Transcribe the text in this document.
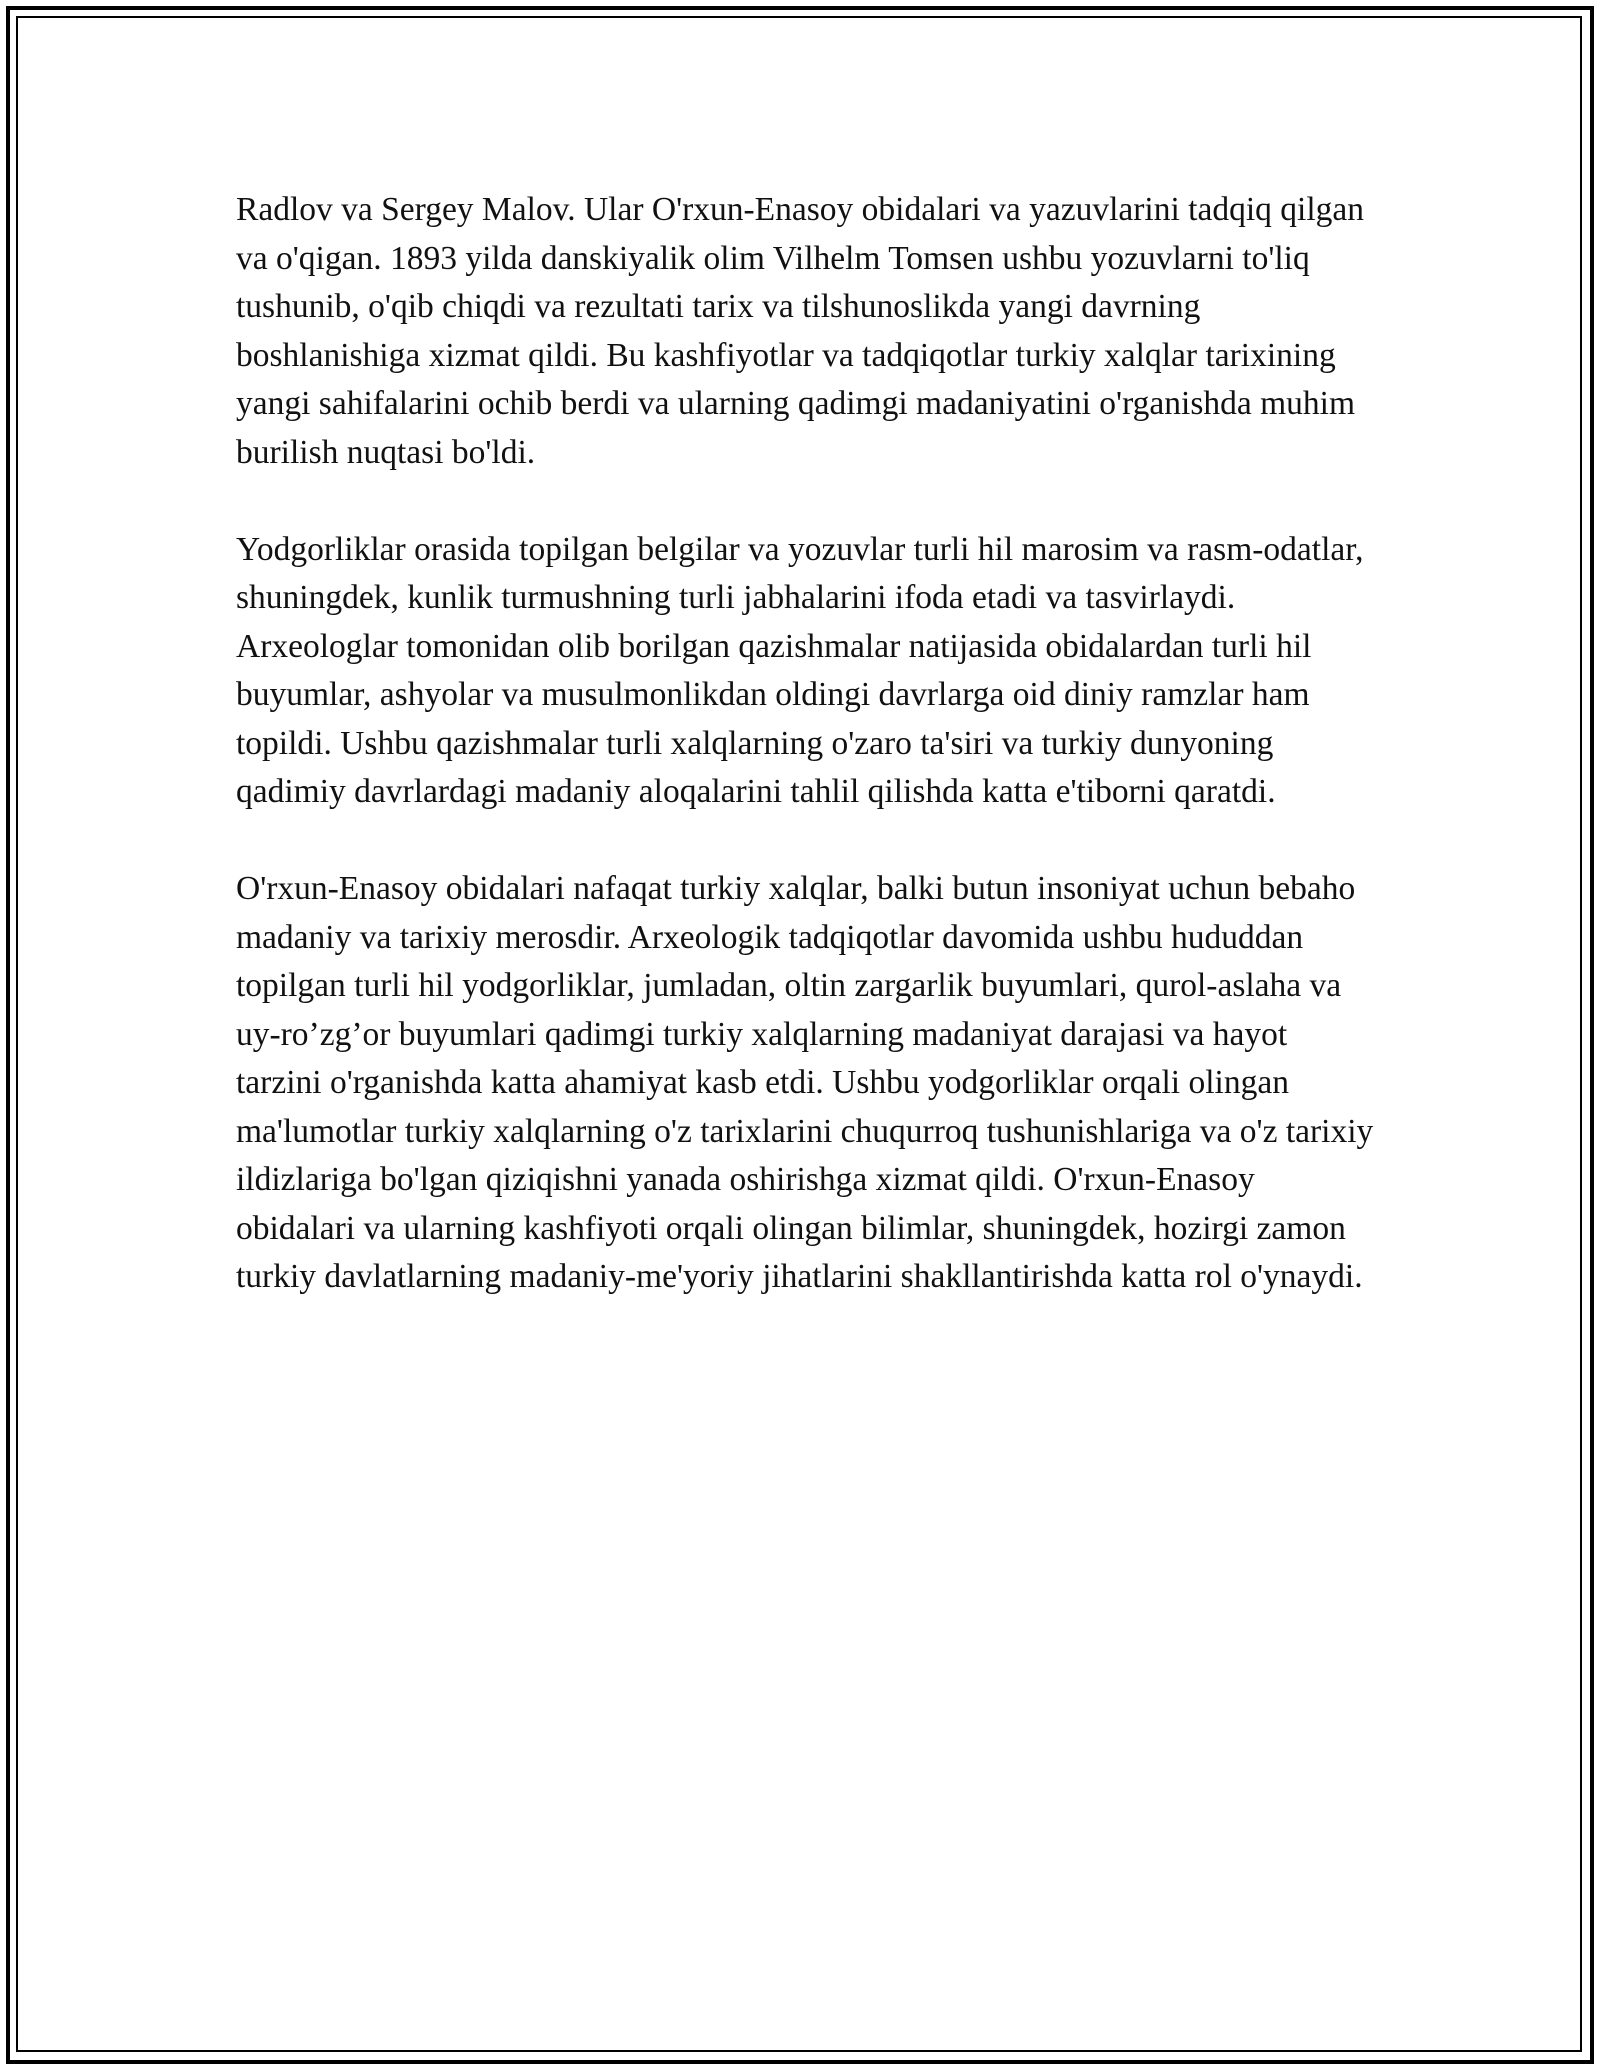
Radlov va Sergey Malov. Ular O'rxun-Enasoy obidalari va yazuvlarini tadqiq qilgan va o'qigan. 1893 yilda danskiyalik olim Vilhelm Tomsen ushbu yozuvlarni to'liq tushunib, o'qib chiqdi va rezultati tarix va tilshunoslikda yangi davrning boshlanishiga xizmat qildi. Bu kashfiyotlar va tadqiqotlar turkiy xalqlar tarixining yangi sahifalarini ochib berdi va ularning qadimgi madaniyatini o'rganishda muhim burilish nuqtasi bo'ldi.

Yodgorliklar orasida topilgan belgilar va yozuvlar turli hil marosim va rasm-odatlar, shuningdek, kunlik turmushning turli jabhalarini ifoda etadi va tasvirlaydi. Arxeologlar tomonidan olib borilgan qazishmalar natijasida obidalardan turli hil buyumlar, ashyolar va musulmonlikdan oldingi davrlarga oid diniy ramzlar ham topildi. Ushbu qazishmalar turli xalqlarning o'zaro ta'siri va turkiy dunyoning qadimiy davrlardagi madaniy aloqalarini tahlil qilishda katta e'tiborni qaratdi.

O'rxun-Enasoy obidalari nafaqat turkiy xalqlar, balki butun insoniyat uchun bebaho madaniy va tarixiy merosdir. Arxeologik tadqiqotlar davomida ushbu hududdan topilgan turli hil yodgorliklar, jumladan, oltin zargarlik buyumlari, qurol-aslaha va uy-ro’zg’or buyumlari qadimgi turkiy xalqlarning madaniyat darajasi va hayot tarzini o'rganishda katta ahamiyat kasb etdi. Ushbu yodgorliklar orqali olingan ma'lumotlar turkiy xalqlarning o'z tarixlarini chuqurroq tushunishlariga va o'z tarixiy ildizlariga bo'lgan qiziqishni yanada oshirishga xizmat qildi. O'rxun-Enasoy obidalari va ularning kashfiyoti orqali olingan bilimlar, shuningdek, hozirgi zamon turkiy davlatlarning madaniy-me'yoriy jihatlarini shakllantirishda katta rol o'ynaydi.
